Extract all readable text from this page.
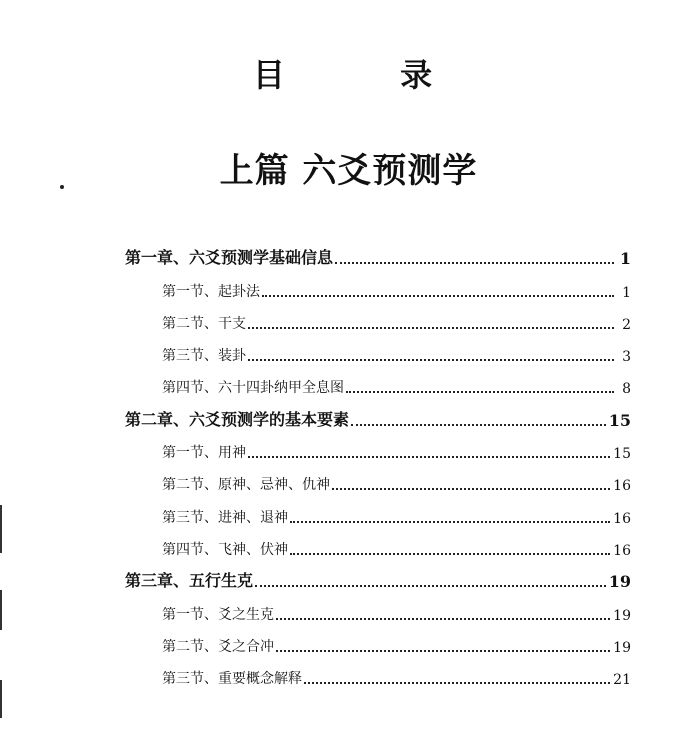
目 录
上篇 六爻预测学
第一章、六爻预测学基础信息	1
第一节、起卦法	1
第二节、干支	2
第三节、装卦	3
第四节、六十四卦纳甲全息图	8
第二章、六爻预测学的基本要素	15
第一节、用神	15
第二节、原神、忌神、仇神	16
第三节、进神、退神	16
第四节、飞神、伏神	16
第三章、五行生克	19
第一节、爻之生克	19
第二节、爻之合冲	19
第三节、重要概念解释	21
